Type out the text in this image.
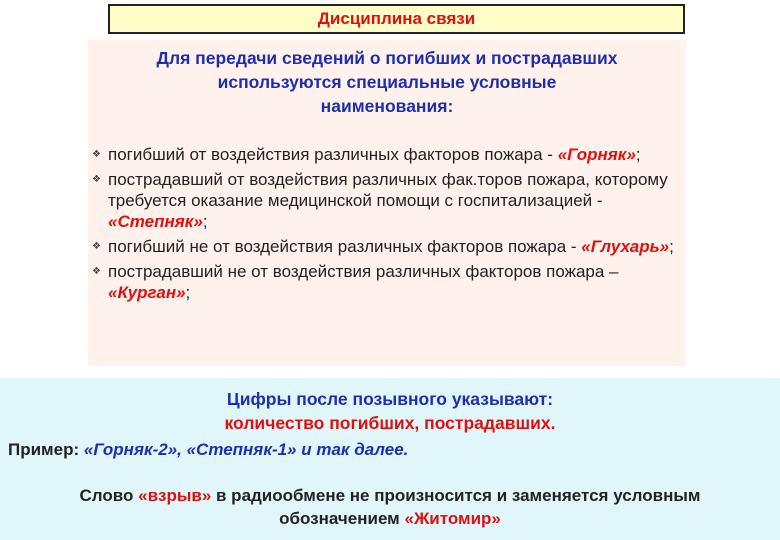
Дисциплина связи
Для передачи сведений о погибших и пострадавших
используются специальные условные
наименования:
❖ погибший от воздействия различных факторов пожара - «Горняк»;
❖ пострадавший от воздействия различных фак.торов пожара, которому требуется оказание медицинской помощи с госпитализацией - «Степняк»;
❖ погибший не от воздействия различных факторов пожара - «Глухарь»;
❖ пострадавший не от воздействия различных факторов пожара – «Курган»;
Цифры после позывного указывают:
количество погибших, пострадавших.
Пример: «Горняк-2», «Степняк-1» и так далее.
Слово «взрыв» в радиообмене не произносится и заменяется условным
обозначением «Житомир»
